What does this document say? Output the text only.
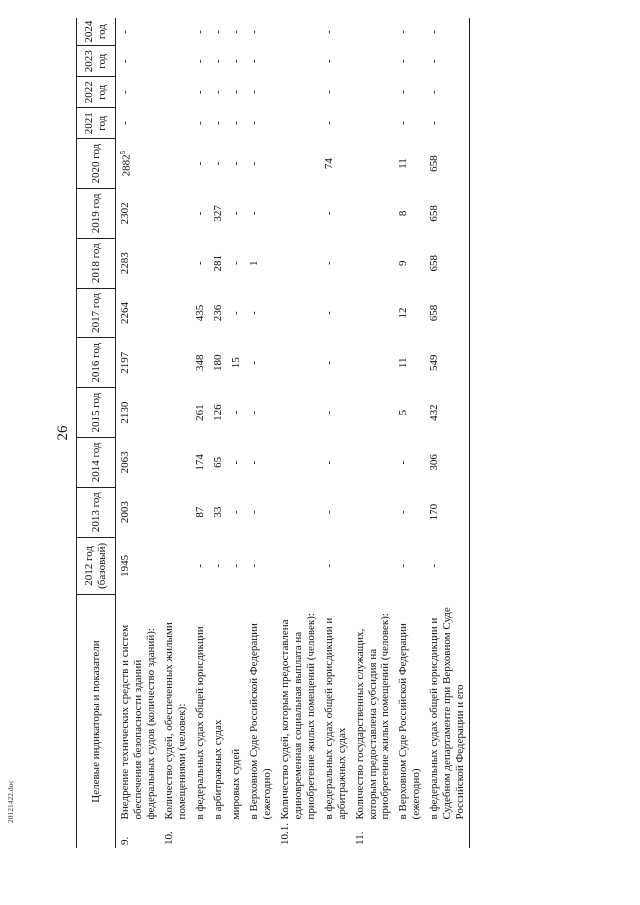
26
Целевые индикаторы и показатели		2012 год (базовый)	2013 год	2014 год	2015 год	2016 год	2017 год	2018 год	2019 год	2020 год	2021 год	2022 год	2023 год	2024 год
9.	Внедрение технических средств и систем обеспечения безопасности зданий федеральных судов (количество зданий):	1945	2003	2063	2130	2197	2264	2283	2302	2882$^5$	-	-	-	-
10.	Количество судей, обеспеченных жилыми помещениями (человек):													
	в федеральных судах общей юрисдикции	-	87	174	261	348	435	-	-	-	-	-	-	-
	в арбитражных судах	-	33	65	126	180	236	281	327	-	-	-	-	-
	мировых судей	-	-	-	-	15	-	-	-	-	-	-	-	-
	в Верховном Суде Российской Федерации (ежегодно)	-	-	-	-	-	-	1	-	-	-	-	-	-
10.1.	Количество судей, которым предоставлена единовременная социальная выплата на приобретение жилых помещений (человек):													
	в федеральных судах общей юрисдикции и арбитражных судах	-	-	-	-	-	-	-	-	74	-	-	-	-
11.	Количество государственных служащих, которым предоставлена субсидия на приобретение жилых помещений (человек):													
	в Верховном Суде Российской Федерации (ежегодно)	-	-	-	5	11	12	9	8	11	-	-	-	-
	в федеральных судах общей юрисдикции и Судебном департаменте при Верховном Суде Российской Федерации и его	-	170	306	432	549	658	658	658	658	-	-	-	-
20121422.doc
